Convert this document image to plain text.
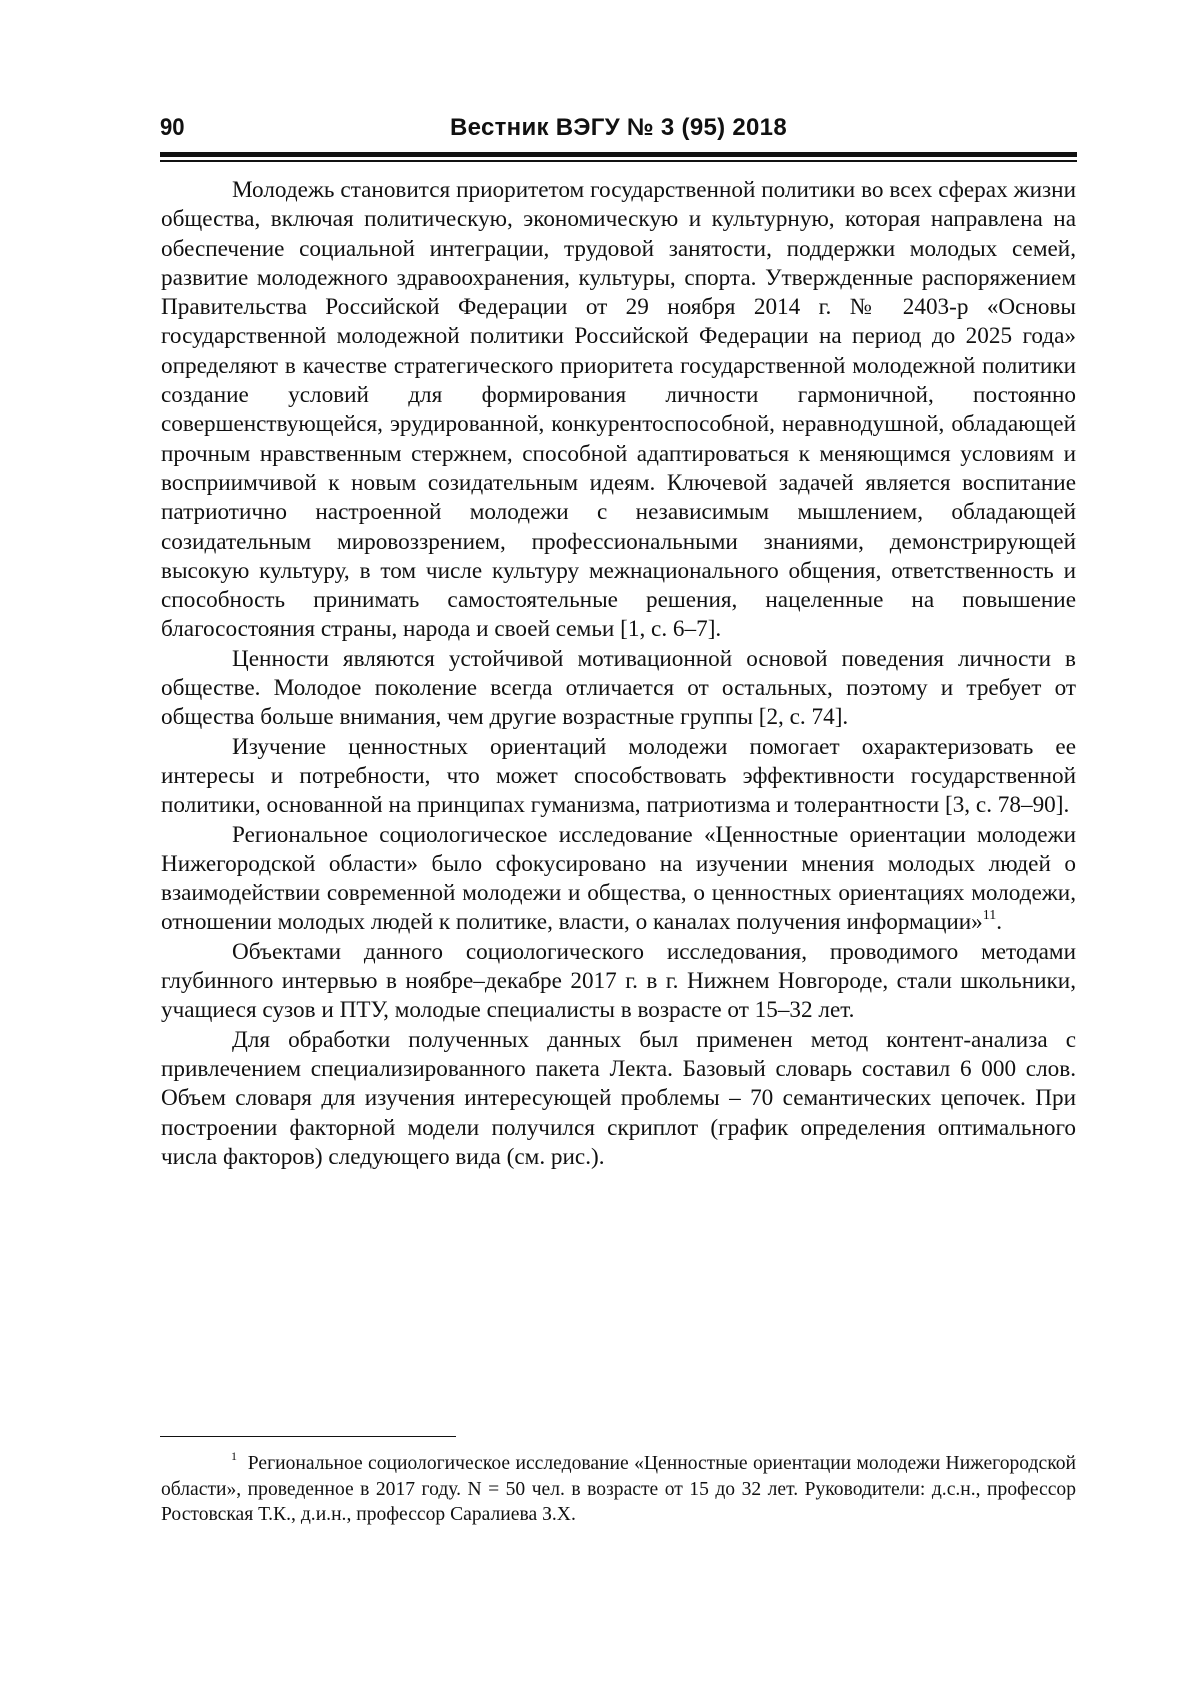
90	Вестник ВЭГУ № 3 (95) 2018

Молодежь становится приоритетом государственной политики во всех сферах жизни общества, включая политическую, экономическую и культурную, которая направлена на обеспечение социальной интеграции, трудовой занятости, поддержки молодых семей, развитие молодежного здравоохранения, культуры, спорта. Утвержденные распоряжением Правительства Российской Федерации от 29 ноября 2014 г. № 2403-р «Основы государственной молодежной политики Российской Федерации на период до 2025 года» определяют в качестве стратегического приоритета государственной молодежной политики создание условий для формирования личности гармоничной, постоянно совершенствующейся, эрудированной, конкурентоспособной, неравнодушной, обладающей прочным нравственным стержнем, способной адаптироваться к меняющимся условиям и восприимчивой к новым созидательным идеям. Ключевой задачей является воспитание патриотично настроенной молодежи с независимым мышлением, обладающей созидательным мировоззрением, профессиональными знаниями, демонстрирующей высокую культуру, в том числе культуру межнационального общения, ответственность и способность принимать самостоятельные решения, нацеленные на повышение благосостояния страны, народа и своей семьи [1, с. 6–7].

Ценности являются устойчивой мотивационной основой поведения личности в обществе. Молодое поколение всегда отличается от остальных, поэтому и требует от общества больше внимания, чем другие возрастные группы [2, с. 74].

Изучение ценностных ориентаций молодежи помогает охарактеризовать ее интересы и потребности, что может способствовать эффективности государственной политики, основанной на принципах гуманизма, патриотизма и толерантности [3, с. 78–90].

Региональное социологическое исследование «Ценностные ориентации молодежи Нижегородской области» было сфокусировано на изучении мнения молодых людей о взаимодействии современной молодежи и общества, о ценностных ориентациях молодежи, отношении молодых людей к политике, власти, о каналах получения информации»$^{11}$.

Объектами данного социологического исследования, проводимого методами глубинного интервью в ноябре–декабре 2017 г. в г. Нижнем Новгороде, стали школьники, учащиеся сузов и ПТУ, молодые специалисты в возрасте от 15–32 лет.

Для обработки полученных данных был применен метод контент-анализа с привлечением специализированного пакета Лекта. Базовый словарь составил 6 000 слов. Объем словаря для изучения интересующей проблемы – 70 семантических цепочек. При построении факторной модели получился скриплот (график определения оптимального числа факторов) следующего вида (см. рис.).

$^1$ Региональное социологическое исследование «Ценностные ориентации молодежи Нижегородской области», проведенное в 2017 году. N = 50 чел. в возрасте от 15 до 32 лет. Руководители: д.с.н., профессор Ростовская Т.К., д.и.н., профессор Саралиева З.Х.
